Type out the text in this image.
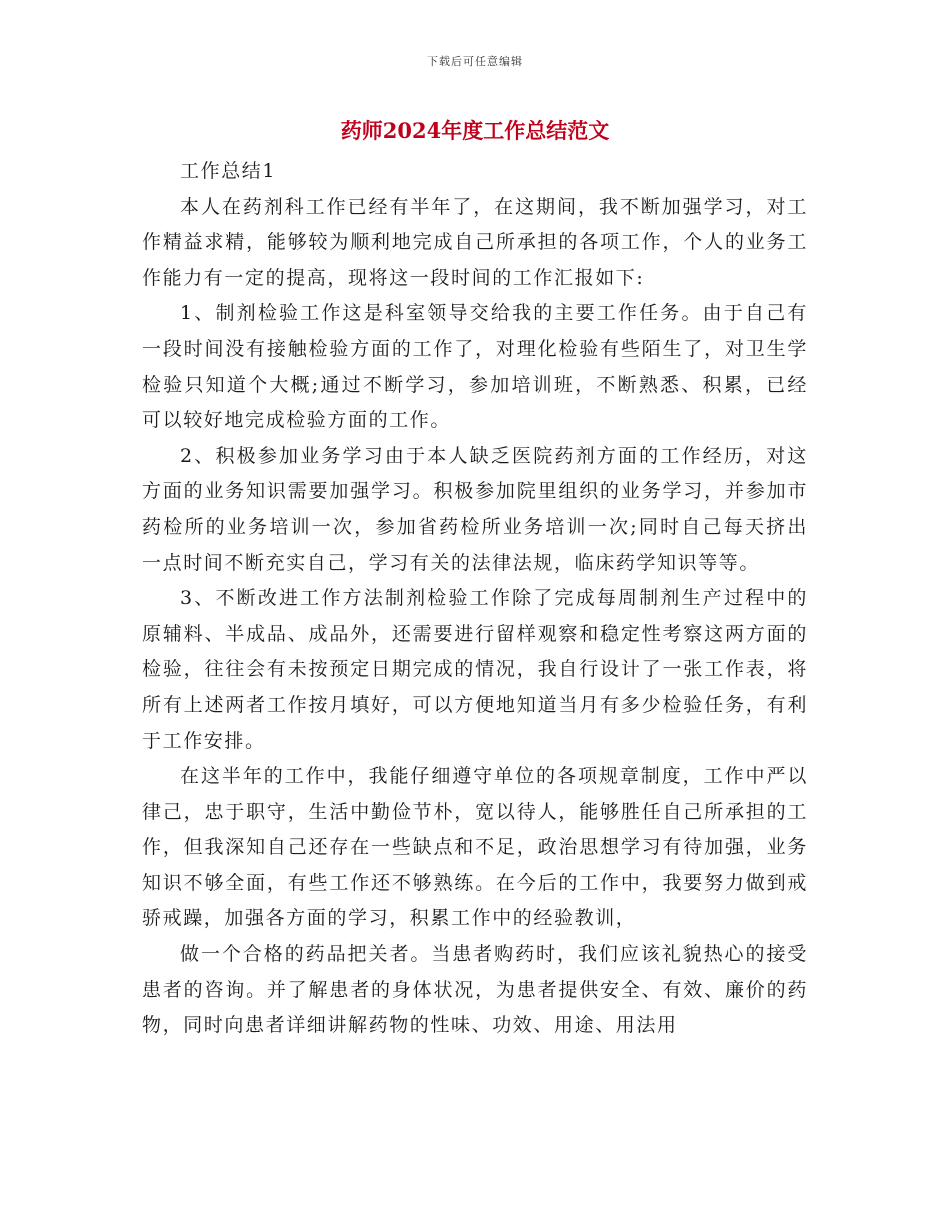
下载后可任意编辑
药师2024年度工作总结范文

工作总结1

本人在药剂科工作已经有半年了，在这期间，我不断加强学习，对工作精益求精，能够较为顺利地完成自己所承担的各项工作，个人的业务工作能力有一定的提高，现将这一段时间的工作汇报如下:

1、制剂检验工作这是科室领导交给我的主要工作任务。由于自己有一段时间没有接触检验方面的工作了，对理化检验有些陌生了，对卫生学检验只知道个大概;通过不断学习，参加培训班，不断熟悉、积累，已经可以较好地完成检验方面的工作。

2、积极参加业务学习由于本人缺乏医院药剂方面的工作经历，对这方面的业务知识需要加强学习。积极参加院里组织的业务学习，并参加市药检所的业务培训一次，参加省药检所业务培训一次;同时自己每天挤出一点时间不断充实自己，学习有关的法律法规，临床药学知识等等。

3、不断改进工作方法制剂检验工作除了完成每周制剂生产过程中的原辅料、半成品、成品外，还需要进行留样观察和稳定性考察这两方面的检验，往往会有未按预定日期完成的情况，我自行设计了一张工作表，将所有上述两者工作按月填好，可以方便地知道当月有多少检验任务，有利于工作安排。

在这半年的工作中，我能仔细遵守单位的各项规章制度，工作中严以律己，忠于职守，生活中勤俭节朴，宽以待人，能够胜任自己所承担的工作，但我深知自己还存在一些缺点和不足，政治思想学习有待加强，业务知识不够全面，有些工作还不够熟练。在今后的工作中，我要努力做到戒骄戒躁，加强各方面的学习，积累工作中的经验教训，

做一个合格的药品把关者。当患者购药时，我们应该礼貌热心的接受患者的咨询。并了解患者的身体状况，为患者提供安全、有效、廉价的药物，同时向患者详细讲解药物的性味、功效、用途、用法用
